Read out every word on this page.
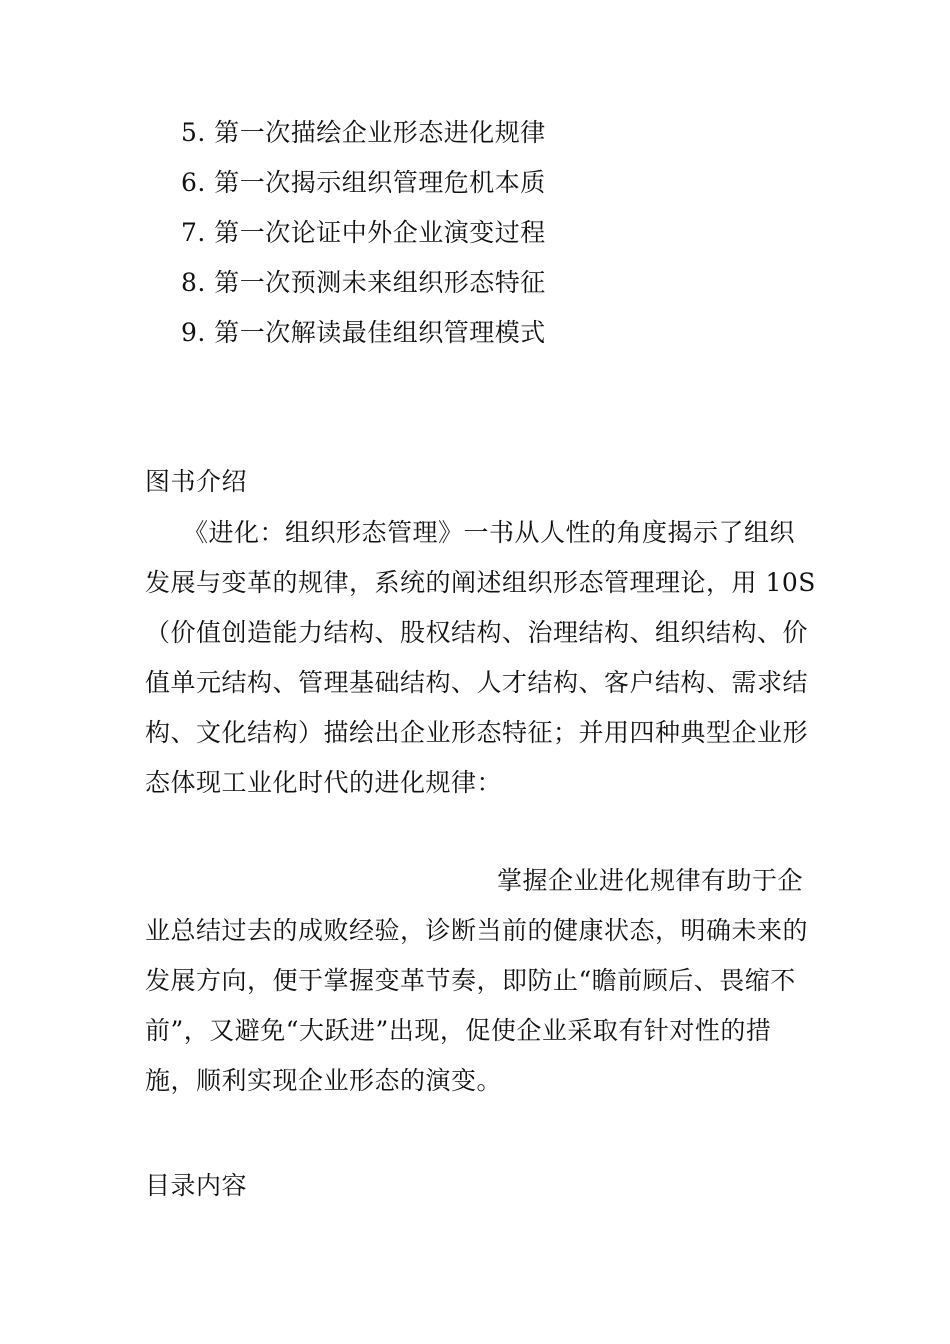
5. 第一次描绘企业形态进化规律
6. 第一次揭示组织管理危机本质
7. 第一次论证中外企业演变过程
8. 第一次预测未来组织形态特征
9. 第一次解读最佳组织管理模式
图书介绍
《进化：组织形态管理》一书从人性的角度揭示了组织
发展与变革的规律，系统的阐述组织形态管理理论，用 10S
（价值创造能力结构、股权结构、治理结构、组织结构、价
值单元结构、管理基础结构、人才结构、客户结构、需求结
构、文化结构）描绘出企业形态特征；并用四种典型企业形
态体现工业化时代的进化规律：
掌握企业进化规律有助于企
业总结过去的成败经验，诊断当前的健康状态，明确未来的
发展方向，便于掌握变革节奏，即防止“瞻前顾后、畏缩不
前”，又避免“大跃进”出现，促使企业采取有针对性的措
施，顺利实现企业形态的演变。
目录内容
